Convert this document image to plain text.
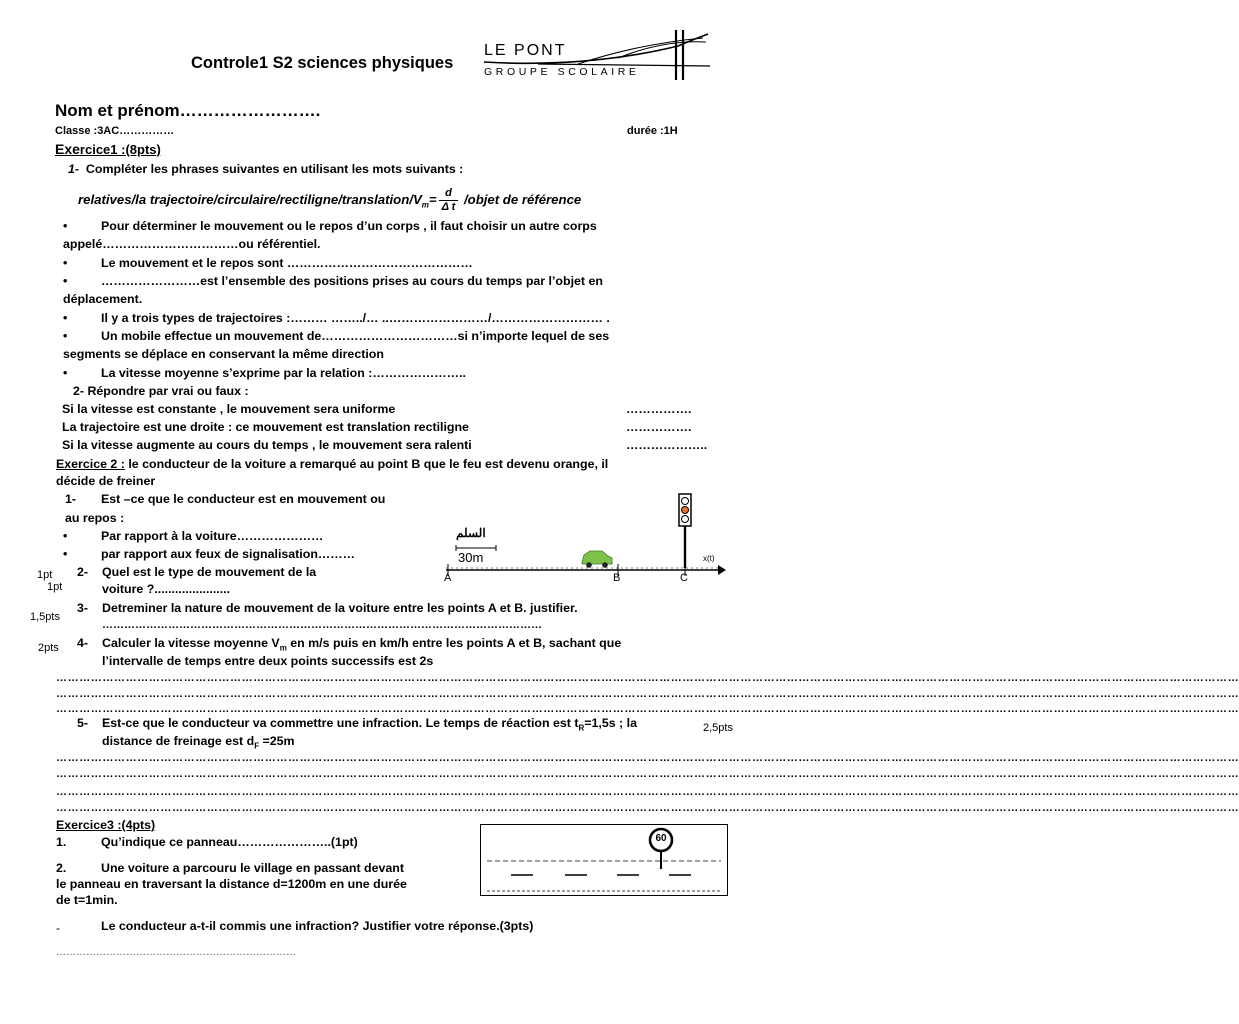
Controle1 S2 sciences physiques
LE PONT
GROUPE SCOLAIRE
Nom et prénom…………………….
Classe :3AC……………	durée :1H
Exercice1 :(8pts)
1- Compléter les phrases suivantes en utilisant les mots suivants :
relatives/la trajectoire/$circulaire/rectiligne/translation/V_m= \frac{d}{\text{Δ t}}$ /objet de référence
• Pour déterminer le mouvement ou le repos d’un corps , il faut choisir un autre corps
appelé……………………………ou référentiel.
• Le mouvement et le repos sont ………………………………………
• ……………………est l’ensemble des positions prises au cours du temps par l’objet en
déplacement.
• Il y a trois types de trajectoires :……… ……../… ..……………………/……………………… .
• Un mobile effectue un mouvement de……………………………si n’importe lequel de ses
segments se déplace en conservant la même direction
• La vitesse moyenne s’exprime par la relation :…………………..
2- Répondre par vrai ou faux :
Si la vitesse est constante , le mouvement sera uniforme	…………….
La trajectoire est une droite : ce mouvement est translation rectiligne	…………….
Si la vitesse augmente au cours du temps , le mouvement sera ralenti	………………..
Exercice 2 : le conducteur de la voiture a remarqué au point B que le feu est devenu orange, il
décide de freiner
1- Est –ce que le conducteur est en mouvement ou
au repos :
• Par rapport à la voiture…………………
• par rapport aux feux de signalisation………
1pt
1pt
2- Quel est le type de mouvement de la
voiture ?......................
1,5pts
3- Detreminer la nature de mouvement de la voiture entre les points A et B. justifier.
…………………………………………………………………………………………………………
2pts 4- Calculer la vitesse moyenne $V_m$ en m/s puis en km/h entre les points A et B, sachant que
l’intervalle de temps entre deux points successifs est 2s
………………………………………………………………………………………………………………………………………………………………………………………………………………………………………………………………………………
………………………………………………………………………………………………………………………………………………………………………………………………………………………………………………………………………………
………………………………………………………………………………………………………………………………………………………………………………………………………………………………………………………………………………
5- Est-ce que le conducteur va commettre une infraction. Le temps de réaction est $t_R=1,5s$ ; la	2,5pts
distance de freinage est $d_F =25m$
………………………………………………………………………………………………………………………………………………………………………………………………………………………………………………………………………………
………………………………………………………………………………………………………………………………………………………………………………………………………………………………………………………………………………
………………………………………………………………………………………………………………………………………………………………………………………………………………………………………………………………………………
………………………………………………………………………………………………………………………………………………………………………………………………………………………………………………………………………………
السلم
30m
A	B	C
x(t)
Exercice3 :(4pts)
1.	Qu’indique ce panneau…………………..(1pt)
2.	Une voiture a parcouru le village en passant devant
le panneau en traversant la distance d=1200m en une durée
de t=1min.
-	Le conducteur a-t-il commis une infraction? Justifier votre réponse.(3pts)
………………………………………………………………
60
